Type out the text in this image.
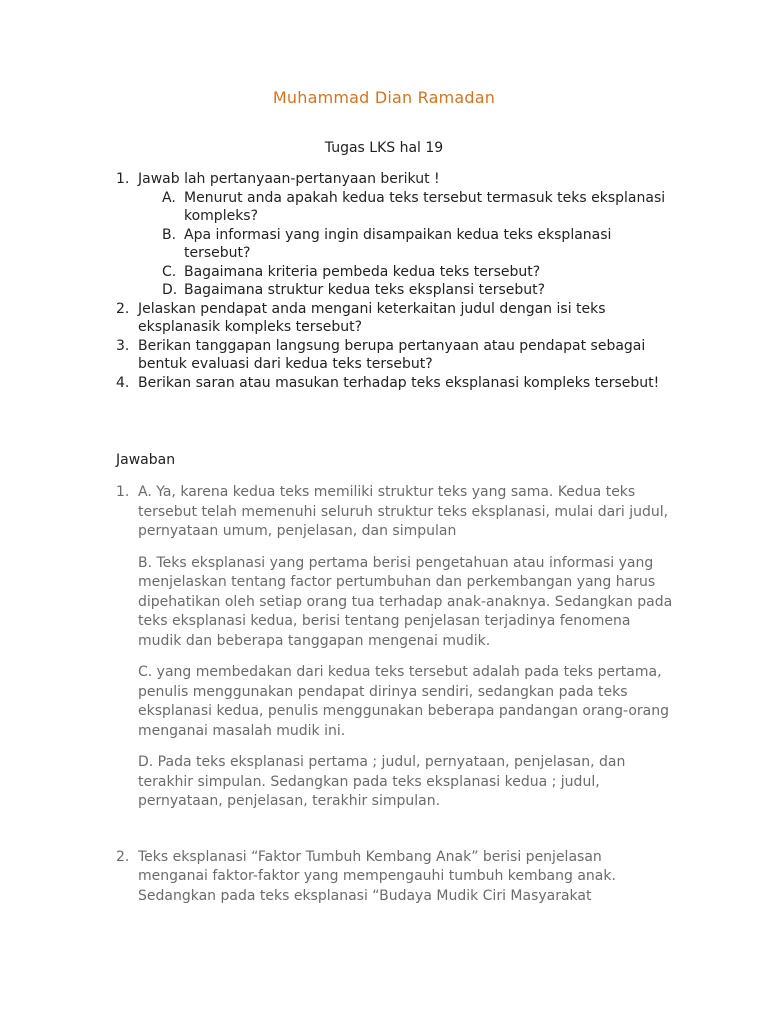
Muhammad Dian Ramadan
Tugas LKS hal 19
1. Jawab lah pertanyaan-pertanyaan berikut !
A. Menurut anda apakah kedua teks tersebut termasuk teks eksplanasi kompleks?
B. Apa informasi yang ingin disampaikan kedua teks eksplanasi tersebut?
C. Bagaimana kriteria pembeda kedua teks tersebut?
D. Bagaimana struktur kedua teks eksplansi tersebut?
2. Jelaskan pendapat anda mengani keterkaitan judul dengan isi teks eksplanasik kompleks tersebut?
3. Berikan tanggapan langsung berupa pertanyaan atau pendapat sebagai bentuk evaluasi dari kedua teks tersebut?
4. Berikan saran atau masukan terhadap teks eksplanasi kompleks tersebut!
Jawaban
1. A. Ya, karena kedua teks memiliki struktur teks yang sama. Kedua teks tersebut telah memenuhi seluruh struktur teks eksplanasi, mulai dari judul, pernyataan umum, penjelasan, dan simpulan

B. Teks eksplanasi yang pertama berisi pengetahuan atau informasi yang menjelaskan tentang factor pertumbuhan dan perkembangan yang harus dipehatikan oleh setiap orang tua terhadap anak-anaknya. Sedangkan pada teks eksplanasi kedua, berisi tentang penjelasan terjadinya fenomena mudik dan beberapa tanggapan mengenai mudik.

C. yang membedakan dari kedua teks tersebut adalah pada teks pertama, penulis menggunakan pendapat dirinya sendiri, sedangkan pada teks eksplanasi kedua, penulis menggunakan beberapa pandangan orang-orang menganai masalah mudik ini.

D. Pada teks eksplanasi pertama ; judul, pernyataan, penjelasan, dan terakhir simpulan. Sedangkan pada teks eksplanasi kedua ; judul, pernyataan, penjelasan, terakhir simpulan.

2. Teks eksplanasi “Faktor Tumbuh Kembang Anak” berisi penjelasan menganai faktor-faktor yang mempengauhi tumbuh kembang anak. Sedangkan pada teks eksplanasi “Budaya Mudik Ciri Masyarakat
